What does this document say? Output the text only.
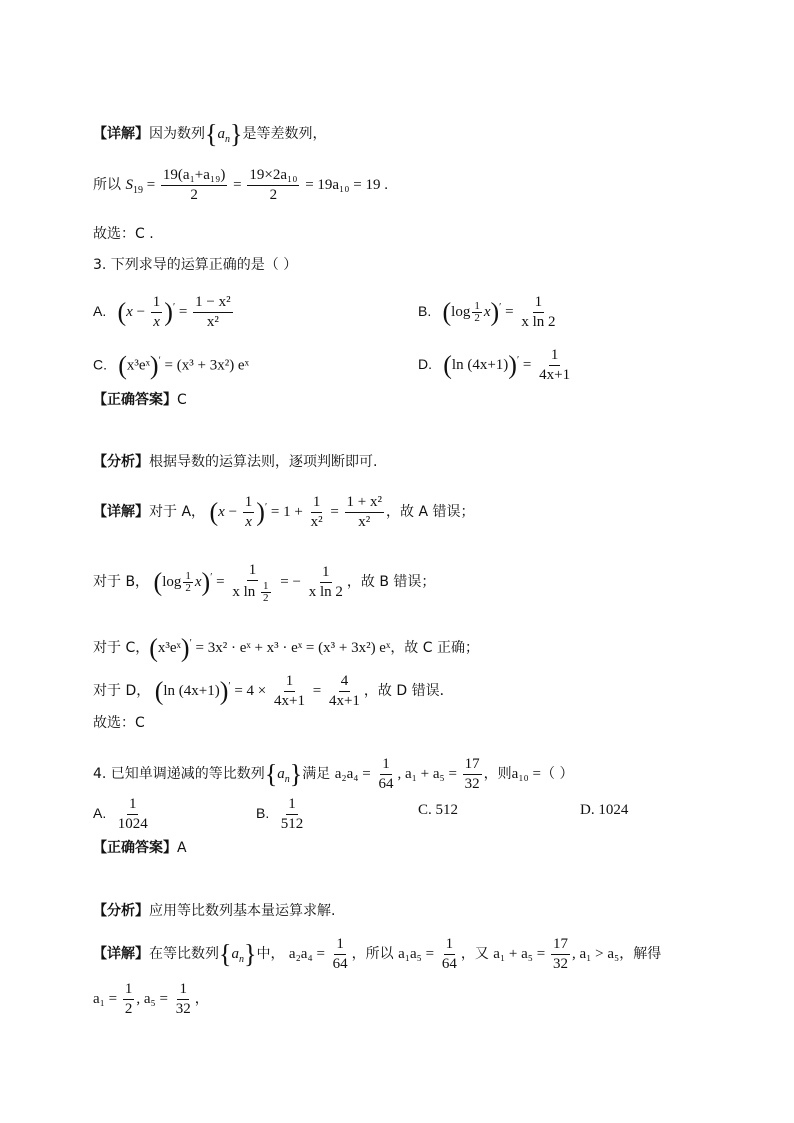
【详解】因为数列$\{a_n\}$是等差数列，
所以 $S_{19} = \frac{\text{19(a₁+a₁₉)}}{2} = \frac{\text{19×2a₁₀}}{2} = 19a_{10} = 19$ .
故选：C .
3. 下列求导的运算正确的是（ ）
A. $(x - \frac{1}{x} )' = \frac{\text{1 − x²}}{\text{x²}}$	B. $(\log \frac{1}{2} x)' = \frac{1}{\text{x ln 2}}$
C. (x³eˣ)′ = (x³ + 3x²) eˣ	D. (ln $(4x+1))' = \frac{1}{4x+1}$
【正确答案】C
【分析】根据导数的运算法则，逐项判断即可.
【详解】对于 A， $(x - \frac{1}{x} )' = 1 + \frac{1}{\text{x²}} = \frac{\text{1 + x²}}{\text{x²}}$ ，故 A 错误；
对于 B， $(\log \frac{1}{2} x)' = \frac{1}{x \ln \frac{1}{2}}$ = − $\frac{1}{\text{x ln 2}}$ ，故 B 错误；
对于 C，(x³eˣ)′ = 3x² · eˣ + x³ · eˣ = (x³ + 3x²) eˣ，故 C 正确；
对于 D， (ln $(4x+1))' = 4 \times \frac{1}{4x+1} = \frac{4}{4x+1}$ ，故 D 错误．
故选：C
4. 已知单调递减的等比数列$\{a_n\}$满足 $a_2a_4 = \frac{1}{64}$ , $a_1 + a_5 = \frac{17}{32}$ ，则a₁₀ =（ ）
A. $\frac{1}{1024}$	B. $\frac{1}{512}$	C. 512	D. 1024
【正确答案】A
【分析】应用等比数列基本量运算求解.
【详解】在等比数列$\{a_n\}$中， $a_2a_4 = \frac{1}{64}$ ，所以 $a_1a_5 = \frac{1}{64}$ ，又 $a_1 + a_5 = \frac{17}{32}$ , a₁ > a₅，解得
$a_1 = \frac{1}{2}$ , $a_5 = \frac{1}{32}$ ，
